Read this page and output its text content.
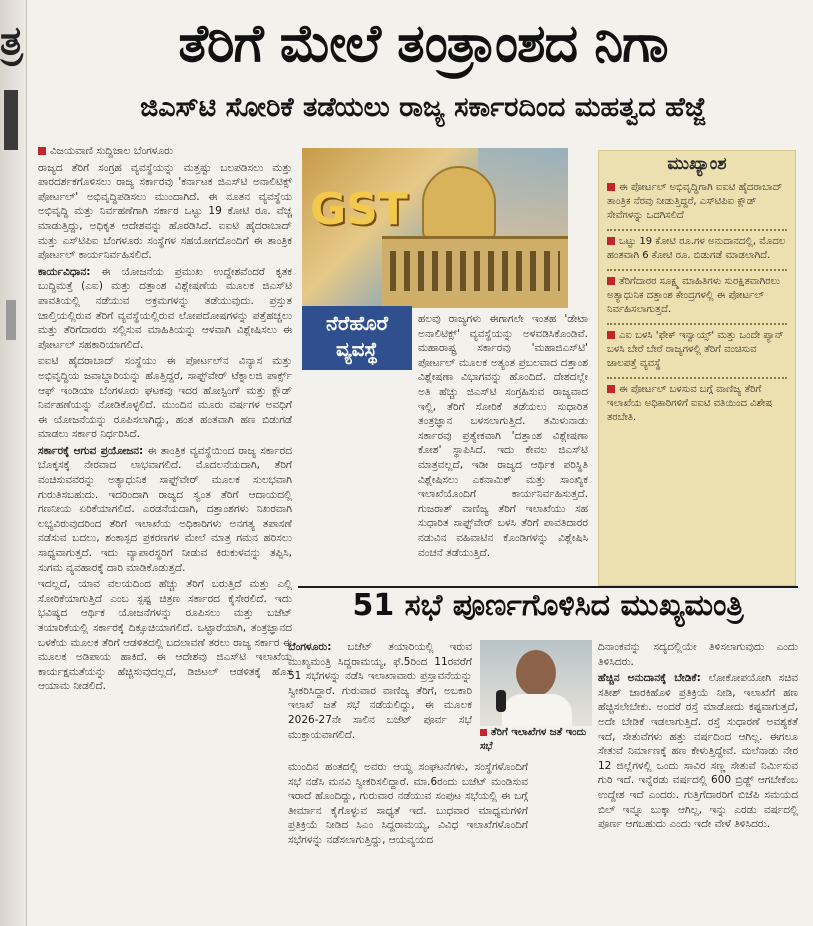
ತ್ರ	ತೆರಿಗೆ ಮೇಲೆ ತಂತ್ರಾಂಶದ ನಿಗಾ
ಜಿಎಸ್‌ಟಿ ಸೋರಿಕೆ ತಡೆಯಲು ರಾಜ್ಯ ಸರ್ಕಾರದಿಂದ ಮಹತ್ವದ ಹೆಜ್ಜೆ

ವಿಜಯವಾಣಿ ಸುದ್ದಿಜಾಲ ಬೆಂಗಳೂರು

ರಾಜ್ಯದ ತೆರಿಗೆ ಸಂಗ್ರಹ ವ್ಯವಸ್ಥೆಯನ್ನು ಮತ್ತಷ್ಟು ಬಲಪಡಿಸಲು ಮತ್ತು ಪಾರದರ್ಶಕಗೊಳಿಸಲು ರಾಜ್ಯ ಸರ್ಕಾರವು 'ಕರ್ನಾಟಕ ಜಿಎಸ್‌ಟಿ ಅನಾಲಿಟಿಕ್ಸ್ ಪೋರ್ಟಲ್' ಅಭಿವೃದ್ಧಿಪಡಿಸಲು ಮುಂದಾಗಿದೆ. ಈ ನೂತನ ವ್ಯವಸ್ಥೆಯ ಅಭಿವೃದ್ಧಿ ಮತ್ತು ನಿರ್ವಹಣೆಗಾಗಿ ಸರ್ಕಾರ ಒಟ್ಟು 19 ಕೋಟಿ ರೂ. ವೆಚ್ಚ ಮಾಡುತ್ತಿದ್ದು, ಅಧಿಕೃತ ಆದೇಶವನ್ನು ಹೊರಡಿಸಿದೆ. ಐಐಟಿ ಹೈದರಾಬಾದ್ ಮತ್ತು ಎಸ್‌ಟಿಪಿಐ ಬೆಂಗಳೂರು ಸಂಸ್ಥೆಗಳ ಸಹಯೋಗದೊಂದಿಗೆ ಈ ತಾಂತ್ರಿಕ ಪೋರ್ಟಲ್ ಕಾರ್ಯನಿರ್ವಹಿಸಲಿದೆ.

ಕಾರ್ಯವಿಧಾನ: ಈ ಯೋಜನೆಯ ಪ್ರಮುಖ ಉದ್ದೇಶವೆಂದರೆ ಕೃತಕ ಬುದ್ಧಿಮತ್ತೆ (ಎಐ) ಮತ್ತು ದತ್ತಾಂಶ ವಿಶ್ಲೇಷಣೆಯ ಮೂಲಕ ಜಿಎಸ್‌ಟಿ ಪಾವತಿಯಲ್ಲಿ ನಡೆಯುವ ಅಕ್ರಮಗಳನ್ನು ತಡೆಯುವುದು. ಪ್ರಸ್ತುತ ಚಾಲ್ತಿಯಲ್ಲಿರುವ ತೆರಿಗೆ ವ್ಯವಸ್ಥೆಯಲ್ಲಿರುವ ಲೋಪದೋಷಗಳನ್ನು ಪತ್ತೆಹಚ್ಚಲು ಮತ್ತು ತೆರಿಗೆದಾರರು ಸಲ್ಲಿಸುವ ಮಾಹಿತಿಯನ್ನು ಆಳವಾಗಿ ವಿಶ್ಲೇಷಿಸಲು ಈ ಪೋರ್ಟಲ್ ಸಹಕಾರಿಯಾಗಲಿದೆ.

ಐಐಟಿ ಹೈದರಾಬಾದ್ ಸಂಸ್ಥೆಯು ಈ ಪೋರ್ಟಲ್‌ನ ವಿನ್ಯಾಸ ಮತ್ತು ಅಭಿವೃದ್ಧಿಯ ಜವಾಬ್ದಾರಿಯನ್ನು ಹೊತ್ತಿದ್ದರೆ, ಸಾಫ್ಟ್‌ವೇರ್ ಟೆಕ್ನಾಲಜಿ ಪಾರ್ಕ್ಸ್ ಆಫ್ ಇಂಡಿಯಾ ಬೆಂಗಳೂರು ಘಟಕವು ಇದರ ಹೋಸ್ಟಿಂಗ್ ಮತ್ತು ಕ್ಲೌಡ್ ನಿರ್ವಹಣೆಯನ್ನು ನೋಡಿಕೊಳ್ಳಲಿದೆ. ಮುಂದಿನ ಮೂರು ವರ್ಷಗಳ ಅವಧಿಗೆ ಈ ಯೋಜನೆಯನ್ನು ರೂಪಿಸಲಾಗಿದ್ದು, ಹಂತ ಹಂತವಾಗಿ ಹಣ ಬಿಡುಗಡೆ ಮಾಡಲು ಸರ್ಕಾರ ನಿರ್ಧರಿಸಿದೆ.

ಸರ್ಕಾರಕ್ಕೆ ಆಗುವ ಪ್ರಯೋಜನ: ಈ ತಾಂತ್ರಿಕ ವ್ಯವಸ್ಥೆಯಿಂದ ರಾಜ್ಯ ಸರ್ಕಾರದ ಬೊಕ್ಕಸಕ್ಕೆ ನೇರವಾದ ಲಾಭವಾಗಲಿದೆ. ಮೊದಲನೆಯದಾಗಿ, ತೆರಿಗೆ ವಂಚಿಸುವವರನ್ನು ಅತ್ಯಾಧುನಿಕ ಸಾಫ್ಟ್‌ವೇರ್ ಮೂಲಕ ಸುಲಭವಾಗಿ ಗುರುತಿಸಬಹುದು. ಇದರಿಂದಾಗಿ ರಾಜ್ಯದ ಸ್ವಂತ ತೆರಿಗೆ ಆದಾಯದಲ್ಲಿ ಗಣನೀಯ ಏರಿಕೆಯಾಗಲಿದೆ. ಎರಡನೆಯದಾಗಿ, ದತ್ತಾಂಶಗಳು ನಿಖರವಾಗಿ ಲಭ್ಯವಿರುವುದರಿಂದ ತೆರಿಗೆ ಇಲಾಖೆಯ ಅಧಿಕಾರಿಗಳು ಅನಗತ್ಯ ತಪಾಸಣೆ ನಡೆಸುವ ಬದಲು, ಶಂಕಾಸ್ಪದ ಪ್ರಕರಣಗಳ ಮೇಲೆ ಮಾತ್ರ ಗಮನ ಹರಿಸಲು ಸಾಧ್ಯವಾಗುತ್ತದೆ. ಇದು ವ್ಯಾಪಾರಸ್ಥರಿಗೆ ನೀಡುವ ಕಿರುಕುಳವನ್ನು ತಪ್ಪಿಸಿ, ಸುಗಮ ವ್ಯವಹಾರಕ್ಕೆ ದಾರಿ ಮಾಡಿಕೊಡುತ್ತದೆ.

ಇದಲ್ಲದೆ, ಯಾವ ವಲಯದಿಂದ ಹೆಚ್ಚು ತೆರಿಗೆ ಬರುತ್ತಿದೆ ಮತ್ತು ಎಲ್ಲಿ ಸೋರಿಕೆಯಾಗುತ್ತಿದೆ ಎಂಬ ಸ್ಪಷ್ಟ ಚಿತ್ರಣ ಸರ್ಕಾರದ ಕೈಸೇರಲಿದೆ. ಇದು ಭವಿಷ್ಯದ ಆರ್ಥಿಕ ಯೋಜನೆಗಳನ್ನು ರೂಪಿಸಲು ಮತ್ತು ಬಜೆಟ್ ತಯಾರಿಕೆಯಲ್ಲಿ ಸರ್ಕಾರಕ್ಕೆ ದಿಕ್ಸೂಚಿಯಾಗಲಿದೆ. ಒಟ್ಟಾರೆಯಾಗಿ, ತಂತ್ರಜ್ಞಾನದ ಬಳಕೆಯ ಮೂಲಕ ತೆರಿಗೆ ಆಡಳಿತದಲ್ಲಿ ಬದಲಾವಣೆ ತರಲು ರಾಜ್ಯ ಸರ್ಕಾರ ಈ ಮೂಲಕ ಅಡಿಪಾಯ ಹಾಕಿದೆ. ಈ ಆದೇಶವು ಜಿಎಸ್‌ಟಿ ಇಲಾಖೆಯ ಕಾರ್ಯಕ್ಷಮತೆಯನ್ನು ಹೆಚ್ಚಿಸುವುದಲ್ಲದೆ, ಡಿಜಿಟಲ್ ಆಡಳಿತಕ್ಕೆ ಹೊಸ ಆಯಾಮ ನೀಡಲಿದೆ.

GST
ನೆರೆಹೊರೆ
ವ್ಯವಸ್ಥೆ

ಹಲವು ರಾಜ್ಯಗಳು ಈಗಾಗಲೇ ಇಂತಹ 'ಡೇಟಾ ಅನಾಲಿಟಿಕ್ಸ್' ವ್ಯವಸ್ಥೆಯನ್ನು ಅಳವಡಿಸಿಕೊಂಡಿವೆ. ಮಹಾರಾಷ್ಟ್ರ ಸರ್ಕಾರವು 'ಮಹಾಜಿಎಸ್‌ಟಿ' ಪೋರ್ಟಲ್ ಮೂಲಕ ಅತ್ಯಂತ ಪ್ರಬಲವಾದ ದತ್ತಾಂಶ ವಿಶ್ಲೇಷಣಾ ವಿಭಾಗವನ್ನು ಹೊಂದಿದೆ. ದೇಶದಲ್ಲೇ ಅತಿ ಹೆಚ್ಚು ಜಿಎಸ್‌ಟಿ ಸಂಗ್ರಹಿಸುವ ರಾಜ್ಯವಾದ ಇಲ್ಲಿ, ತೆರಿಗೆ ಸೋರಿಕೆ ತಡೆಯಲು ಸುಧಾರಿತ ತಂತ್ರಜ್ಞಾನ ಬಳಸಲಾಗುತ್ತಿದೆ. ತಮಿಳುನಾಡು ಸರ್ಕಾರವು ಪ್ರತ್ಯೇಕವಾಗಿ 'ದತ್ತಾಂಶ ವಿಶ್ಲೇಷಣಾ ಕೋಶ' ಸ್ಥಾಪಿಸಿದೆ. ಇದು ಕೇವಲ ಜಿಎಸ್‌ಟಿ ಮಾತ್ರವಲ್ಲದೆ, ಇಡೀ ರಾಜ್ಯದ ಆರ್ಥಿಕ ಪರಿಸ್ಥಿತಿ ವಿಶ್ಲೇಷಿಸಲು ಎಕನಾಮಿಕ್ ಮತ್ತು ಸಾಂಖ್ಯಿಕ ಇಲಾಖೆಯೊಂದಿಗೆ ಕಾರ್ಯನಿರ್ವಹಿಸುತ್ತದೆ. ಗುಜರಾತ್ ವಾಣಿಜ್ಯ ತೆರಿಗೆ ಇಲಾಖೆಯು ಸಹ ಸುಧಾರಿತ ಸಾಫ್ಟ್‌ವೇರ್ ಬಳಸಿ ತೆರಿಗೆ ಪಾವತಿದಾರರ ನಡುವಿನ ವಹಿವಾಟಿನ ಕೊಂಡಿಗಳನ್ನು ವಿಶ್ಲೇಷಿಸಿ ವಂಚನೆ ತಡೆಯುತ್ತಿದೆ.

ಮುಖ್ಯಾಂಶ
ಈ ಪೋರ್ಟಲ್ ಅಭಿವೃದ್ಧಿಗಾಗಿ ಐಐಟಿ ಹೈದರಾಬಾದ್ ತಾಂತ್ರಿಕ ನೆರವು ನೀಡುತ್ತಿದ್ದರೆ, ಎಸ್‌ಟಿಪಿಐ ಕ್ಲೌಡ್ ಸೇವೆಗಳನ್ನು ಒದಗಿಸಲಿದೆ
ಒಟ್ಟು 19 ಕೋಟಿ ರೂ.ಗಳ ಅನುದಾನದಲ್ಲಿ, ಮೊದಲ ಹಂತವಾಗಿ 6 ಕೋಟಿ ರೂ. ಬಿಡುಗಡೆ ಮಾಡಲಾಗಿದೆ.
ತೆರಿಗೆದಾರರ ಸೂಕ್ಷ್ಮ ಮಾಹಿತಿಗಳು ಸುರಕ್ಷಿತವಾಗಿರಲು ಅತ್ಯಾಧುನಿಕ ದತ್ತಾಂಶ ಕೇಂದ್ರಗಳಲ್ಲಿ ಈ ಪೋರ್ಟಲ್ ನಿರ್ವಹಿಸಲಾಗುತ್ತದೆ.
ಎಐ ಬಳಸಿ 'ಫೇಕ್ ಇನ್ವಾಯ್ಸ್' ಮತ್ತು ಒಂದೇ ಪ್ಯಾನ್ ಬಳಸಿ ಬೇರೆ ಬೇರೆ ರಾಜ್ಯಗಳಲ್ಲಿ ತೆರಿಗೆ ವಂಚಿಸುವ ಜಾಲಪತ್ತೆ ವ್ಯವಸ್ಥೆ
ಈ ಪೋರ್ಟಲ್ ಬಳಸುವ ಬಗ್ಗೆ ವಾಣಿಜ್ಯ ತೆರಿಗೆ ಇಲಾಖೆಯ ಅಧಿಕಾರಿಗಳಿಗೆ ಐಐಟಿ ವತಿಯಿಂದ ವಿಶೇಷ ತರಬೇತಿ.
51 ಸಭೆ ಪೂರ್ಣಗೊಳಿಸಿದ ಮುಖ್ಯಮಂತ್ರಿ

ಬೆಂಗಳೂರು: ಬಜೆಟ್ ತಯಾರಿಯಲ್ಲಿ ಇರುವ ಮುಖ್ಯಮಂತ್ರಿ ಸಿದ್ದರಾಮಯ್ಯ, ಫೆ.5ರಿಂದ 11ರವರೆಗೆ 51 ಸಭೆಗಳನ್ನು ನಡೆಸಿ ಇಲಾಖಾವಾರು ಪ್ರಸ್ತಾವನೆಯನ್ನು ಸ್ವೀಕರಿಸಿದ್ದಾರೆ. ಗುರುವಾರ ವಾಣಿಜ್ಯ ತೆರಿಗೆ, ಅಬಕಾರಿ ಇಲಾಖೆ ಜತೆ ಸಭೆ ನಡೆಯಲಿದ್ದು, ಈ ಮೂಲಕ 2026-27ನೇ ಸಾಲಿನ ಬಜೆಟ್ ಪೂರ್ವ ಸಭೆ ಮುಕ್ತಾಯವಾಗಲಿದೆ.	ತೆರಿಗೆ ಇಲಾಖೆಗಳ ಜತೆ ಇಂದು ಸಭೆ

ಮುಂದಿನ ಹಂತದಲ್ಲಿ ಅವರು ಆಯ್ದ ಸಂಘಟನೆಗಳು, ಸಂಸ್ಥೆಗಳೊಂದಿಗೆ ಸಭೆ ನಡೆಸಿ ಮನವಿ ಸ್ವೀಕರಿಸಲಿದ್ದಾರೆ. ಮಾ.6ರಂದು ಬಜೆಟ್ ಮಂಡಿಸುವ ಇರಾದೆ ಹೊಂದಿದ್ದು, ಗುರುವಾರ ನಡೆಯುವ ಸಂಪುಟ ಸಭೆಯಲ್ಲಿ ಈ ಬಗ್ಗೆ ತೀರ್ಮಾನ ಕೈಗೊಳ್ಳುವ ಸಾಧ್ಯತೆ ಇದೆ. ಬುಧವಾರ ಮಾಧ್ಯಮಗಳಿಗೆ ಪ್ರತಿಕ್ರಿಯೆ ನೀಡಿದ ಸಿಎಂ ಸಿದ್ದರಾಮಯ್ಯ, ವಿವಿಧ ಇಲಾಖೆಗಳೊಂದಿಗೆ ಸಭೆಗಳನ್ನು ನಡೆಸಲಾಗುತ್ತಿದ್ದು, ಆಯವ್ಯಯದ

ದಿನಾಂಕವನ್ನು ಸದ್ಯದಲ್ಲಿಯೇ ತಿಳಿಸಲಾಗುವುದು ಎಂದು ತಿಳಿಸಿದರು.

ಹೆಚ್ಚಿನ ಅನುದಾನಕ್ಕೆ ಬೇಡಿಕೆ: ಲೋಕೋಪಯೋಗಿ ಸಚಿವ ಸತೀಶ್ ಜಾರಕಿಹೊಳಿ ಪ್ರತಿಕ್ರಿಯೆ ನೀಡಿ, ಇಲಾಖೆಗೆ ಹಣ ಹೆಚ್ಚಿಸಲೇಬೇಕು. ಅಂದರೆ ರಸ್ತೆ ಮಾಡೋದು ಕಷ್ಟವಾಗುತ್ತದೆ, ಅದೇ ಬೇಡಿಕೆ ಇಡಲಾಗುತ್ತಿದೆ. ರಸ್ತೆ ಸುಧಾರಣೆ ಅವಶ್ಯಕತೆ ಇದೆ, ಸೇತುವೆಗಳು ಹತ್ತು ವರ್ಷದಿಂದ ಆಗಿಲ್ಲ. ಈಗಲೂ ಸೇತುವೆ ನಿರ್ಮಾಣಕ್ಕೆ ಹಣ ಕೇಳುತ್ತಿದ್ದೇವೆ. ಮಲೆನಾಡು ನೇರ 12 ಜಿಲ್ಲೆಗಳಲ್ಲಿ ಒಂದು ಸಾವಿರ ಸಣ್ಣ ಸೇತುವೆ ನಿರ್ಮಿಸುವ ಗುರಿ ಇದೆ. ಇನ್ನೆರಡು ವರ್ಷದಲ್ಲಿ 600 ಬ್ರಿಡ್ಜ್ ಆಗಬೇಕೆಂಬ ಉದ್ದೇಶ ಇದೆ ಎಂದರು. ಗುತ್ತಿಗೆದಾರರಿಗೆ ಬಿಜೆಪಿ ಸಮಯದ ಬಿಲ್ ಇನ್ನೂ ಬುಕ್ಕಾ ಆಗಿಲ್ಲ, ಇನ್ನು ಎರಡು ವರ್ಷದಲ್ಲಿ ಪೂರ್ಣ ಆಗಬಹುದು ಎಂದು ಇದೇ ವೇಳೆ ತಿಳಿಸಿದರು.
